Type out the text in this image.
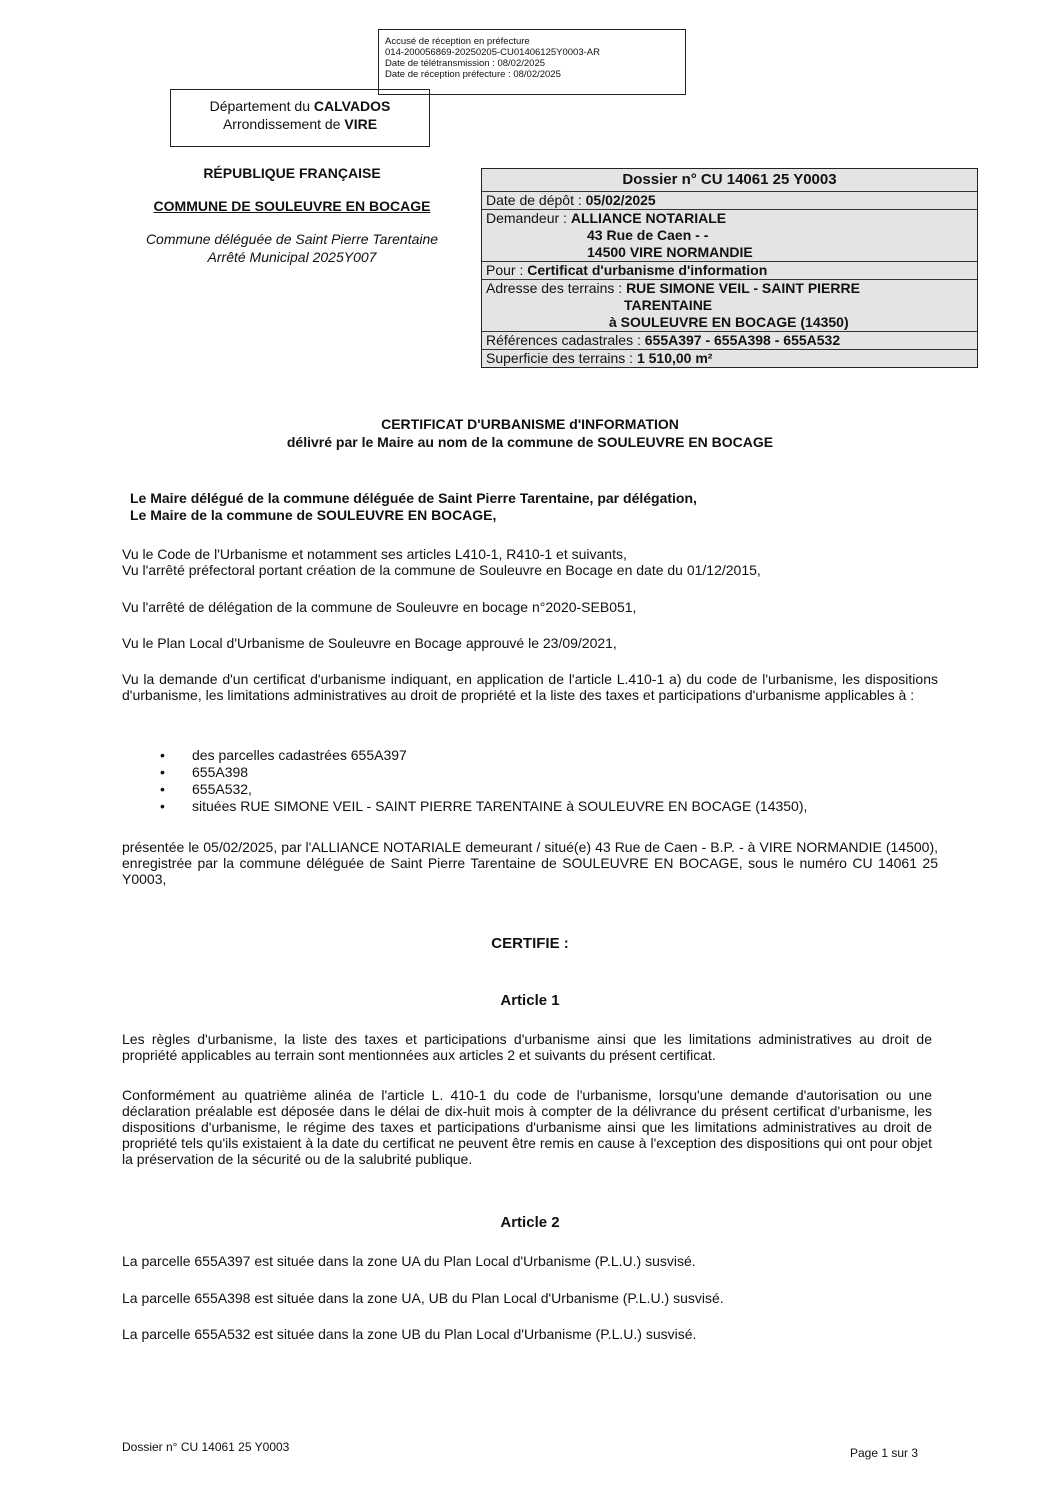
Accusé de réception en préfecture
014-200056869-20250205-CU01406125Y0003-AR
Date de télétransmission : 08/02/2025
Date de réception préfecture : 08/02/2025
Département du CALVADOS
Arrondissement de VIRE
RÉPUBLIQUE FRANÇAISE
COMMUNE DE SOULEUVRE EN BOCAGE
Commune déléguée de Saint Pierre Tarentaine
Arrêté Municipal 2025Y007
Dossier n° CU 14061 25 Y0003
Date de dépôt : 05/02/2025
Demandeur : ALLIANCE NOTARIALE
43 Rue de Caen - -
14500 VIRE NORMANDIE
Pour : Certificat d'urbanisme d'information
Adresse des terrains : RUE SIMONE VEIL - SAINT PIERRE
TARENTAINE
à SOULEUVRE EN BOCAGE (14350)
Références cadastrales : 655A397 - 655A398 - 655A532
Superficie des terrains : 1 510,00 m²
CERTIFICAT D'URBANISME d'INFORMATION
délivré par le Maire au nom de la commune de SOULEUVRE EN BOCAGE
Le Maire délégué de la commune déléguée de Saint Pierre Tarentaine, par délégation,
Le Maire de la commune de SOULEUVRE EN BOCAGE,

Vu le Code de l'Urbanisme et notamment ses articles L410-1, R410-1 et suivants,

Vu l'arrêté préfectoral portant création de la commune de Souleuvre en Bocage en date du 01/12/2015,

Vu l'arrêté de délégation de la commune de Souleuvre en bocage n°2020-SEB051,

Vu le Plan Local d'Urbanisme de Souleuvre en Bocage approuvé le 23/09/2021,

Vu la demande d'un certificat d'urbanisme indiquant, en application de l'article L.410-1 a) du code de l'urbanisme, les dispositions d'urbanisme, les limitations administratives au droit de propriété et la liste des taxes et participations d'urbanisme applicables à :

•	des parcelles cadastrées 655A397
•	655A398
•	655A532,
•	situées RUE SIMONE VEIL - SAINT PIERRE TARENTAINE à SOULEUVRE EN BOCAGE (14350),

présentée le 05/02/2025, par l'ALLIANCE NOTARIALE demeurant / situé(e) 43 Rue de Caen - B.P. - à VIRE NORMANDIE (14500), enregistrée par la commune déléguée de Saint Pierre Tarentaine de SOULEUVRE EN BOCAGE, sous le numéro CU 14061 25 Y0003,

CERTIFIE :
Article 1

Les règles d'urbanisme, la liste des taxes et participations d'urbanisme ainsi que les limitations administratives au droit de propriété applicables au terrain sont mentionnées aux articles 2 et suivants du présent certificat.

Conformément au quatrième alinéa de l'article L. 410-1 du code de l'urbanisme, lorsqu'une demande d'autorisation ou une déclaration préalable est déposée dans le délai de dix-huit mois à compter de la délivrance du présent certificat d'urbanisme, les dispositions d'urbanisme, le régime des taxes et participations d'urbanisme ainsi que les limitations administratives au droit de propriété tels qu'ils existaient à la date du certificat ne peuvent être remis en cause à l'exception des dispositions qui ont pour objet la préservation de la sécurité ou de la salubrité publique.

Article 2
La parcelle 655A397 est située dans la zone UA du Plan Local d'Urbanisme (P.L.U.) susvisé.
La parcelle 655A398 est située dans la zone UA, UB du Plan Local d'Urbanisme (P.L.U.) susvisé.
La parcelle 655A532 est située dans la zone UB du Plan Local d'Urbanisme (P.L.U.) susvisé.
Dossier n° CU 14061 25 Y0003	Page 1 sur 3
